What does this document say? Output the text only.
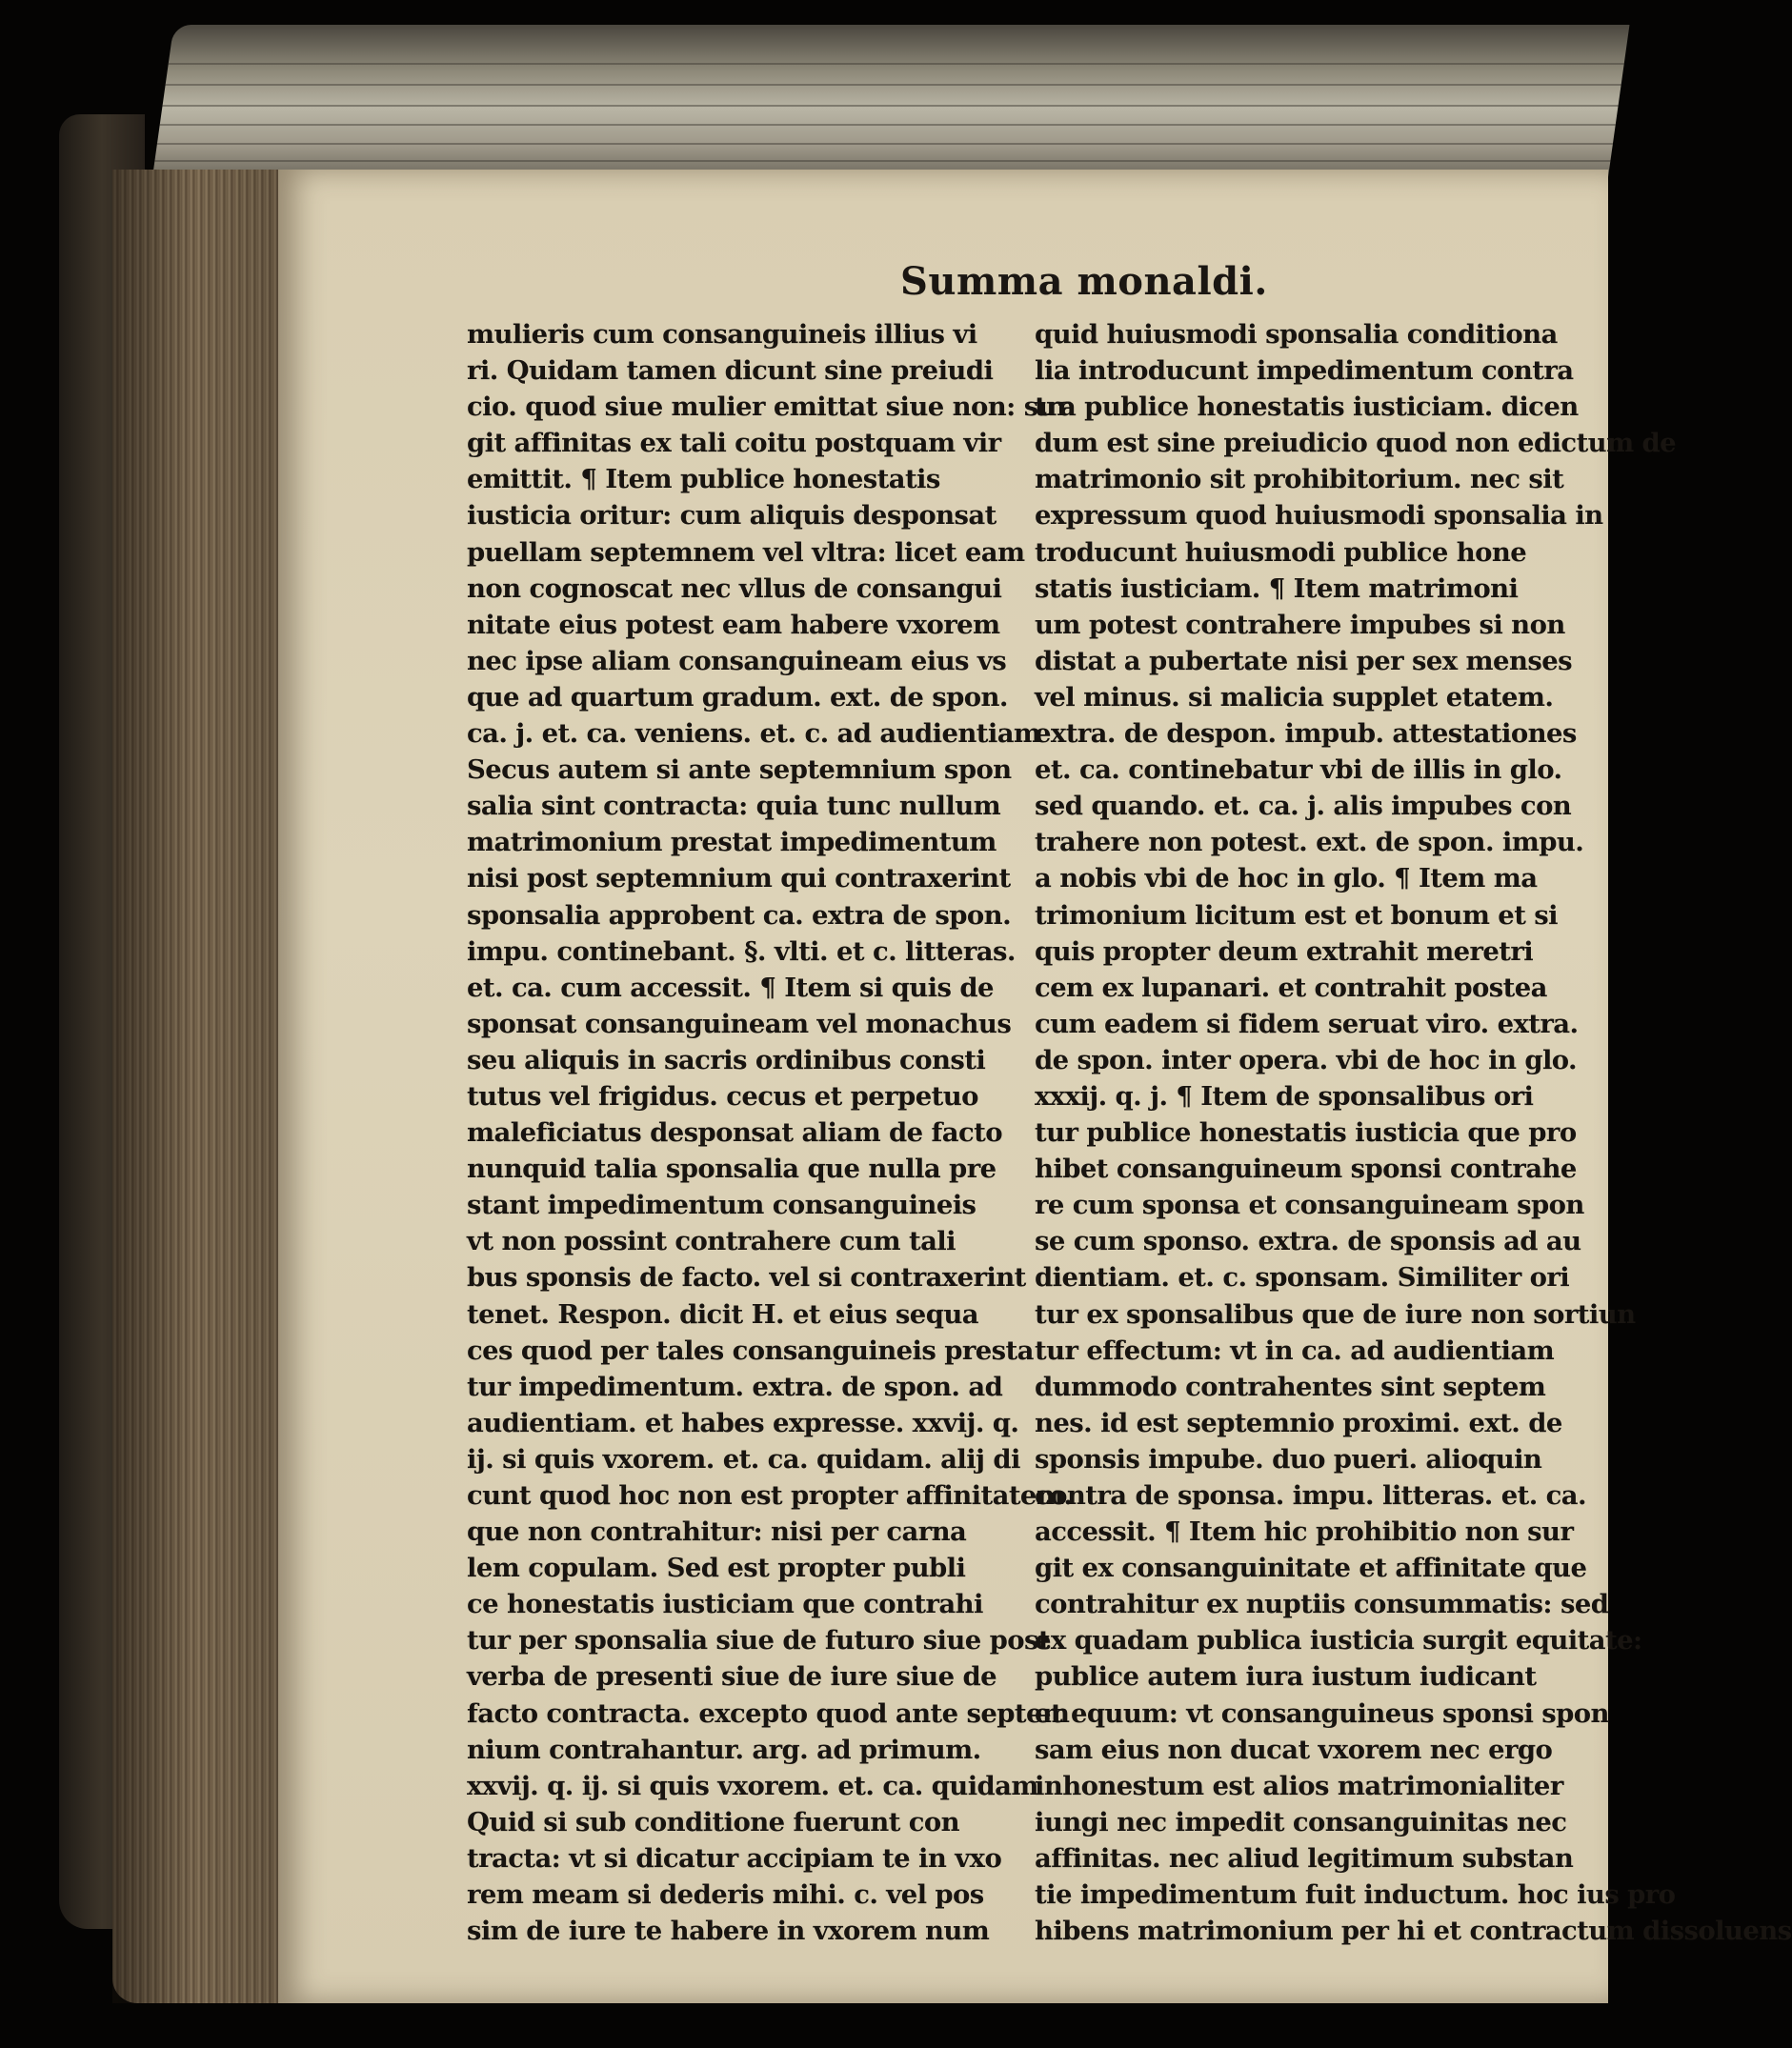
Summa monaldi.
mulieris cum consanguineis illius vi
ri. Quidam tamen dicunt sine preiudi
cio. quod siue mulier emittat siue non: sur
git affinitas ex tali coitu postquam vir
emittit. ¶ Item publice honestatis
iusticia oritur: cum aliquis desponsat
puellam septemnem vel vltra: licet eam
non cognoscat nec vllus de consangui
nitate eius potest eam habere vxorem
nec ipse aliam consanguineam eius vs
que ad quartum gradum. ext. de spon.
ca. j. et. ca. veniens. et. c. ad audientiam
Secus autem si ante septemnium spon
salia sint contracta: quia tunc nullum
matrimonium prestat impedimentum
nisi post septemnium qui contraxerint
sponsalia approbent ca. extra de spon.
impu. continebant. §. vlti. et c. litteras.
et. ca. cum accessit. ¶ Item si quis de
sponsat consanguineam vel monachus
seu aliquis in sacris ordinibus consti
tutus vel frigidus. cecus et perpetuo
maleficiatus desponsat aliam de facto
nunquid talia sponsalia que nulla pre
stant impedimentum consanguineis
vt non possint contrahere cum tali
bus sponsis de facto. vel si contraxerint
tenet. Respon. dicit H. et eius sequa
ces quod per tales consanguineis presta
tur impedimentum. extra. de spon. ad
audientiam. et habes expresse. xxvij. q.
ij. si quis vxorem. et. ca. quidam. alij di
cunt quod hoc non est propter affinitatem.
que non contrahitur: nisi per carna
lem copulam. Sed est propter publi
ce honestatis iusticiam que contrahi
tur per sponsalia siue de futuro siue post
verba de presenti siue de iure siue de
facto contracta. excepto quod ante septem
nium contrahantur. arg. ad primum.
xxvij. q. ij. si quis vxorem. et. ca. quidam
Quid si sub conditione fuerunt con
tracta: vt si dicatur accipiam te in vxo
rem meam si dederis mihi. c. vel pos
sim de iure te habere in vxorem num
quid huiusmodi sponsalia conditiona
lia introducunt impedimentum contra
tra publice honestatis iusticiam. dicen
dum est sine preiudicio quod non edictum de
matrimonio sit prohibitorium. nec sit
expressum quod huiusmodi sponsalia in
troducunt huiusmodi publice hone
statis iusticiam. ¶ Item matrimoni
um potest contrahere impubes si non
distat a pubertate nisi per sex menses
vel minus. si malicia supplet etatem.
extra. de despon. impub. attestationes
et. ca. continebatur vbi de illis in glo.
sed quando. et. ca. j. alis impubes con
trahere non potest. ext. de spon. impu.
a nobis vbi de hoc in glo. ¶ Item ma
trimonium licitum est et bonum et si
quis propter deum extrahit meretri
cem ex lupanari. et contrahit postea
cum eadem si fidem seruat viro. extra.
de spon. inter opera. vbi de hoc in glo.
xxxij. q. j. ¶ Item de sponsalibus ori
tur publice honestatis iusticia que pro
hibet consanguineum sponsi contrahe
re cum sponsa et consanguineam spon
se cum sponso. extra. de sponsis ad au
dientiam. et. c. sponsam. Similiter ori
tur ex sponsalibus que de iure non sortiun
tur effectum: vt in ca. ad audientiam
dummodo contrahentes sint septem
nes. id est septemnio proximi. ext. de
sponsis impube. duo pueri. alioquin
contra de sponsa. impu. litteras. et. ca.
accessit. ¶ Item hic prohibitio non sur
git ex consanguinitate et affinitate que
contrahitur ex nuptiis consummatis: sed
ex quadam publica iusticia surgit equitate:
publice autem iura iustum iudicant
et equum: vt consanguineus sponsi spon
sam eius non ducat vxorem nec ergo
inhonestum est alios matrimonialiter
iungi nec impedit consanguinitas nec
affinitas. nec aliud legitimum substan
tie impedimentum fuit inductum. hoc ius pro
hibens matrimonium per hi et contractum dissoluens
